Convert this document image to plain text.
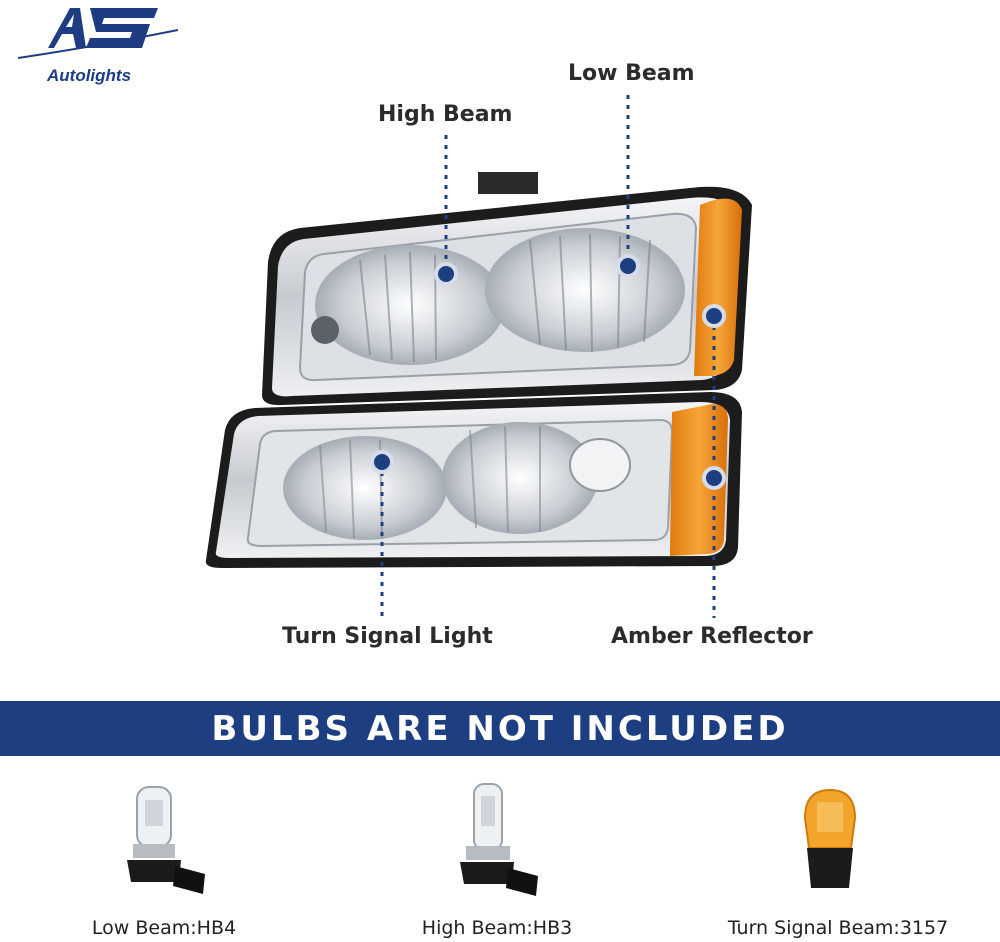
Autolights
High Beam
Low Beam
Turn Signal Light	Amber Reflector
BULBS ARE NOT INCLUDED
Low Beam:HB4	High Beam:HB3	Turn Signal Beam:3157
